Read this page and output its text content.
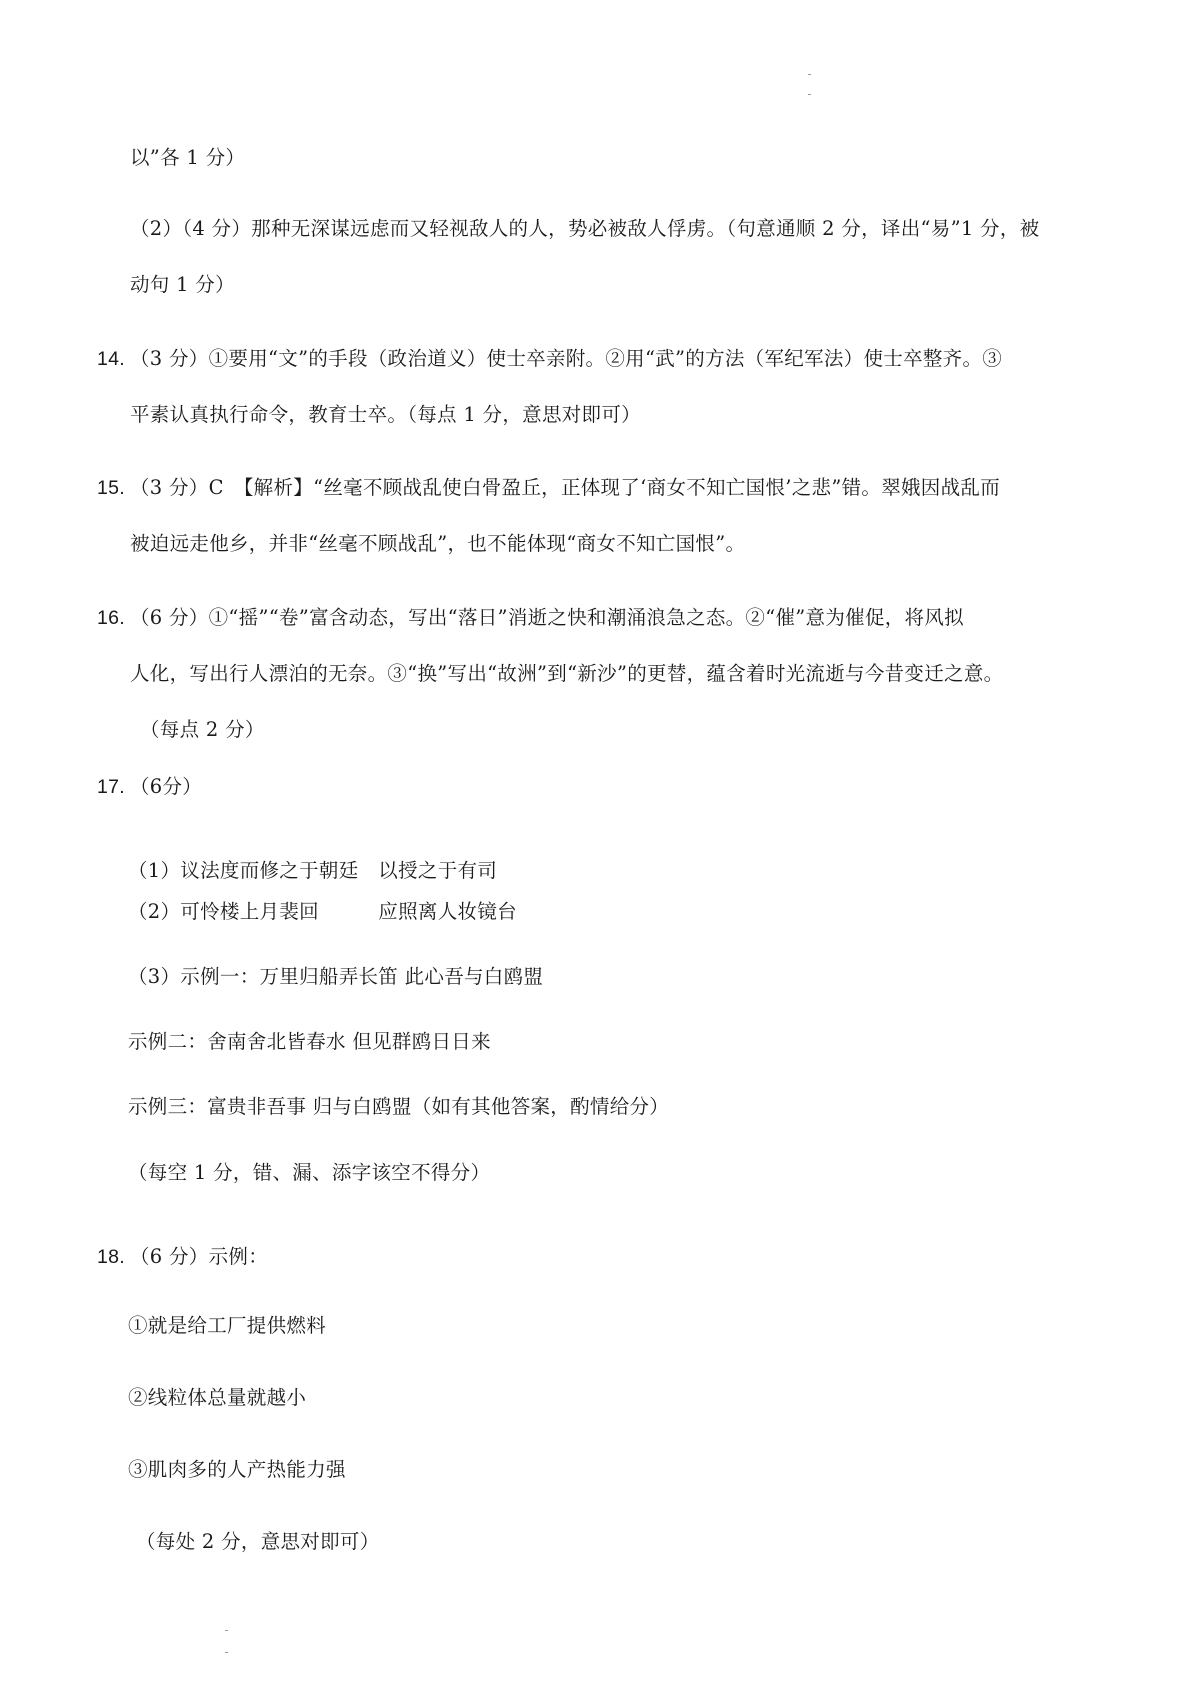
以”各 1 分）
（2）（4 分）那种无深谋远虑而又轻视敌人的人，势必被敌人俘虏。（句意通顺 2 分，译出“易”1 分，被
动句 1 分）
14. （3 分）①要用“文”的手段（政治道义）使士卒亲附。②用“武”的方法（军纪军法）使士卒整齐。③
平素认真执行命令，教育士卒。（每点 1 分，意思对即可）
15. （3 分）C　【解析】“丝毫不顾战乱使白骨盈丘，正体现了‘商女不知亡国恨’之悲”错。翠娥因战乱而
被迫远走他乡，并非“丝毫不顾战乱”，也不能体现“商女不知亡国恨”。
16. （6 分）①“摇”“卷”富含动态，写出“落日”消逝之快和潮涌浪急之态。②“催”意为催促，将风拟
人化，写出行人漂泊的无奈。③“换”写出“故洲”到“新沙”的更替，蕴含着时光流逝与今昔变迁之意。
（每点 2 分）
17. （6分）
（1）议法度而修之于朝廷　以授之于有司
（2）可怜楼上月裴回　　　应照离人妆镜台
（3）示例一：万里归船弄长笛 此心吾与白鸥盟
示例二：舍南舍北皆春水 但见群鸥日日来
示例三：富贵非吾事 归与白鸥盟（如有其他答案，酌情给分）
（每空 1 分，错、漏、添字该空不得分）
18. （6 分）示例：
①就是给工厂提供燃料
②线粒体总量就越小
③肌肉多的人产热能力强
（每处 2 分，意思对即可）
